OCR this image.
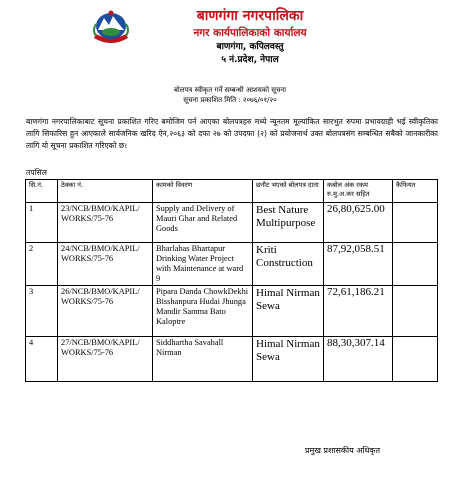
बाणगंगा नगरपालिका
नगर कार्यपालिकाको कार्यालय
बाणगंगा, कपिलवस्तु
५ नं.प्रदेश, नेपाल
बोलपत्र स्वीकृत गर्ने सम्बन्धी आशयको सूचना
सूचना प्रकाशित मिति : २०७६/०१/२०
बाणगंगा नगरपालिकाबाट सूचना प्रकाशित गरिए बमोजिम पर्न आएका बोलपत्रहरु मध्ये न्यूनतम मूल्यांकित सारभुत रुपमा प्रभावग्राही भई स्वीकृतिका लागि सिफारिस हुन आएकाले सार्वजनिक खरिद ऐन,२०६३ को दफा २७ को उपदफा (२) को प्रयोजनार्थ उक्त बोलपत्रसंग सम्बन्धित सबैको जानकारीका लागि यो सूचना प्रकाशित गरिएको छ।
तपसिल
सि.नं.	ठेक्का नं.	कामको विवरण	छनौट भएको बोलपत्र दाता	कबोल अंक रकम रु.मु.अ.कर सहित	कैफियत
1	23/NCB/BMO/KAPIL/ WORKS/75-76	Supply and Delivery of Mauri Ghar and Related Goods	Best Nature Multipurpose	26,80,625.00	
2	24/NCB/BMO/KAPIL/ WORKS/75-76	Bharlabas Bhartapur Drinking Water Project with Maintenance at ward 9	Kriti Construction	87,92,058.51	
3	26/NCB/BMO/KAPIL/ WORKS/75-76	Pipara Danda ChowkDekhi Bisshanpura Hudai Jhunga Mandir Samma Bato Kaloptre	Himal Nirman Sewa	72,61,186.21	
4	27/NCB/BMO/KAPIL/ WORKS/75-76	Siddhartha Savahall Nirman	Himal Nirman Sewa	88,30,307.14	
प्रमुख प्रशासकीय अधिकृत
